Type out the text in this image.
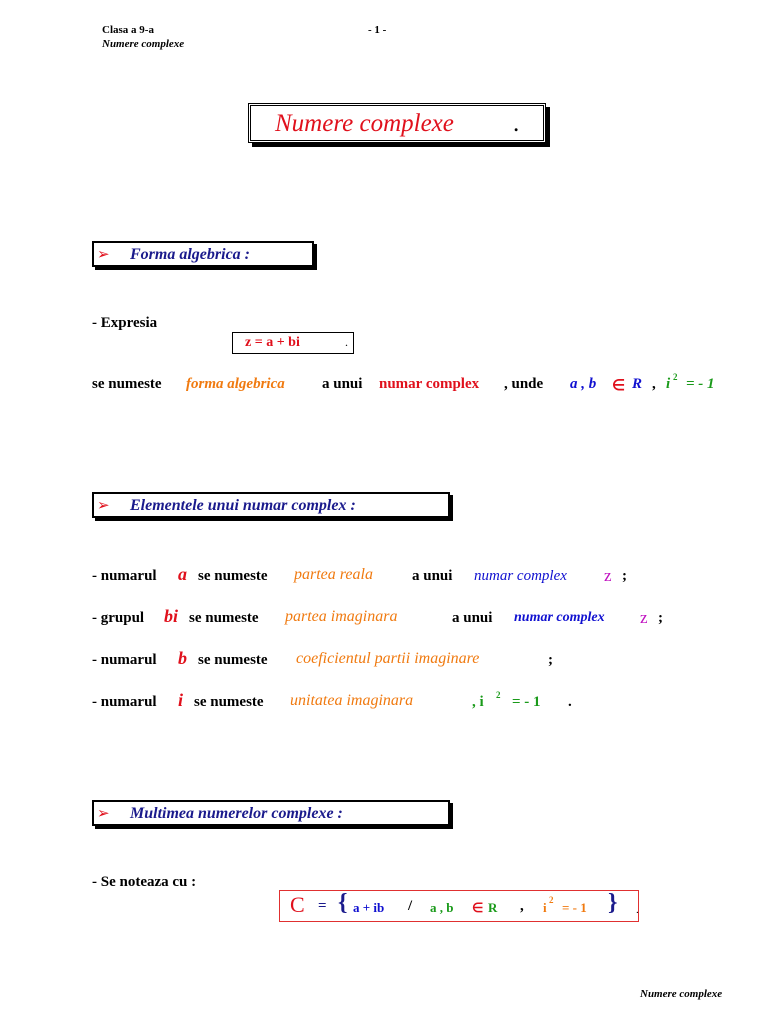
Clasa a 9-a	- 1 -
Numere complexe
Numere complexe .
➢ Forma algebrica :
- Expresia
z = a + bi	.
se numeste forma algebrica a unui numar complex , unde a , b ∈ R , i 2 = - 1
➢ Elementele unui numar complex :
- numarul a se numeste partea reala	a unui numar complex z ;
- grupul bi se numeste partea imaginara	a unui numar complex z ;
- numarul b se numeste coeficientul partii imaginare	;
- numarul i se numeste unitatea imaginara	, i 2 = - 1 .
➢ Multimea numerelor complexe :
- Se noteaza cu :
C = { a + ib / a , b ∈ R , i 2 = - 1 } .
Numere complexe
